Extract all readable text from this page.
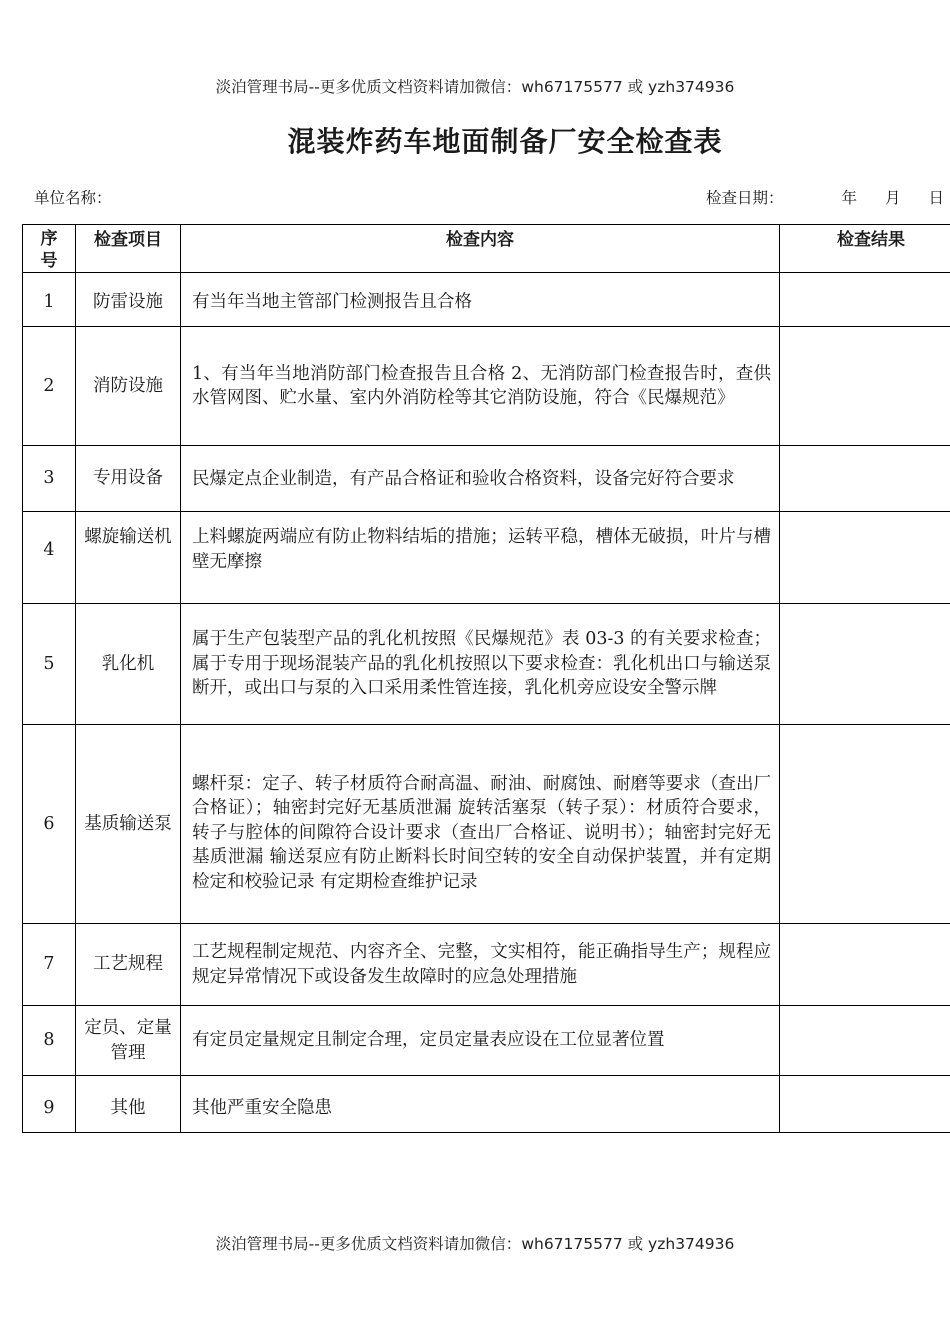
淡泊管理书局--更多优质文档资料请加微信：wh67175577 或 yzh374936
混装炸药车地面制备厂安全检查表
单位名称：	检查日期：	年 月 日
序号	检查项目	检查内容	检查结果
1	防雷设施	有当年当地主管部门检测报告且合格	

2	消防设施	1、有当年当地消防部门检查报告且合格 2、无消防部门检查报告时，查供水管网图、贮水量、室内外消防栓等其它消防设施，符合《民爆规范》	

3	专用设备	民爆定点企业制造，有产品合格证和验收合格资料，设备完好符合要求	

4	螺旋输送机	上料螺旋两端应有防止物料结垢的措施；运转平稳，槽体无破损，叶片与槽壁无摩擦	

5	乳化机	属于生产包装型产品的乳化机按照《民爆规范》表 03-3 的有关要求检查；属于专用于现场混装产品的乳化机按照以下要求检查：乳化机出口与输送泵断开，或出口与泵的入口采用柔性管连接，乳化机旁应设安全警示牌	

6	基质输送泵	螺杆泵：定子、转子材质符合耐高温、耐油、耐腐蚀、耐磨等要求（查出厂合格证）；轴密封完好无基质泄漏 旋转活塞泵（转子泵）：材质符合要求，转子与腔体的间隙符合设计要求（查出厂合格证、说明书）；轴密封完好无基质泄漏 输送泵应有防止断料长时间空转的安全自动保护装置，并有定期检定和校验记录 有定期检查维护记录	

7	工艺规程	工艺规程制定规范、内容齐全、完整，文实相符，能正确指导生产；规程应规定异常情况下或设备发生故障时的应急处理措施	

8	定员、定量管理	有定员定量规定且制定合理，定员定量表应设在工位显著位置	

9	其他	其他严重安全隐患	

淡泊管理书局--更多优质文档资料请加微信：wh67175577 或 yzh374936
